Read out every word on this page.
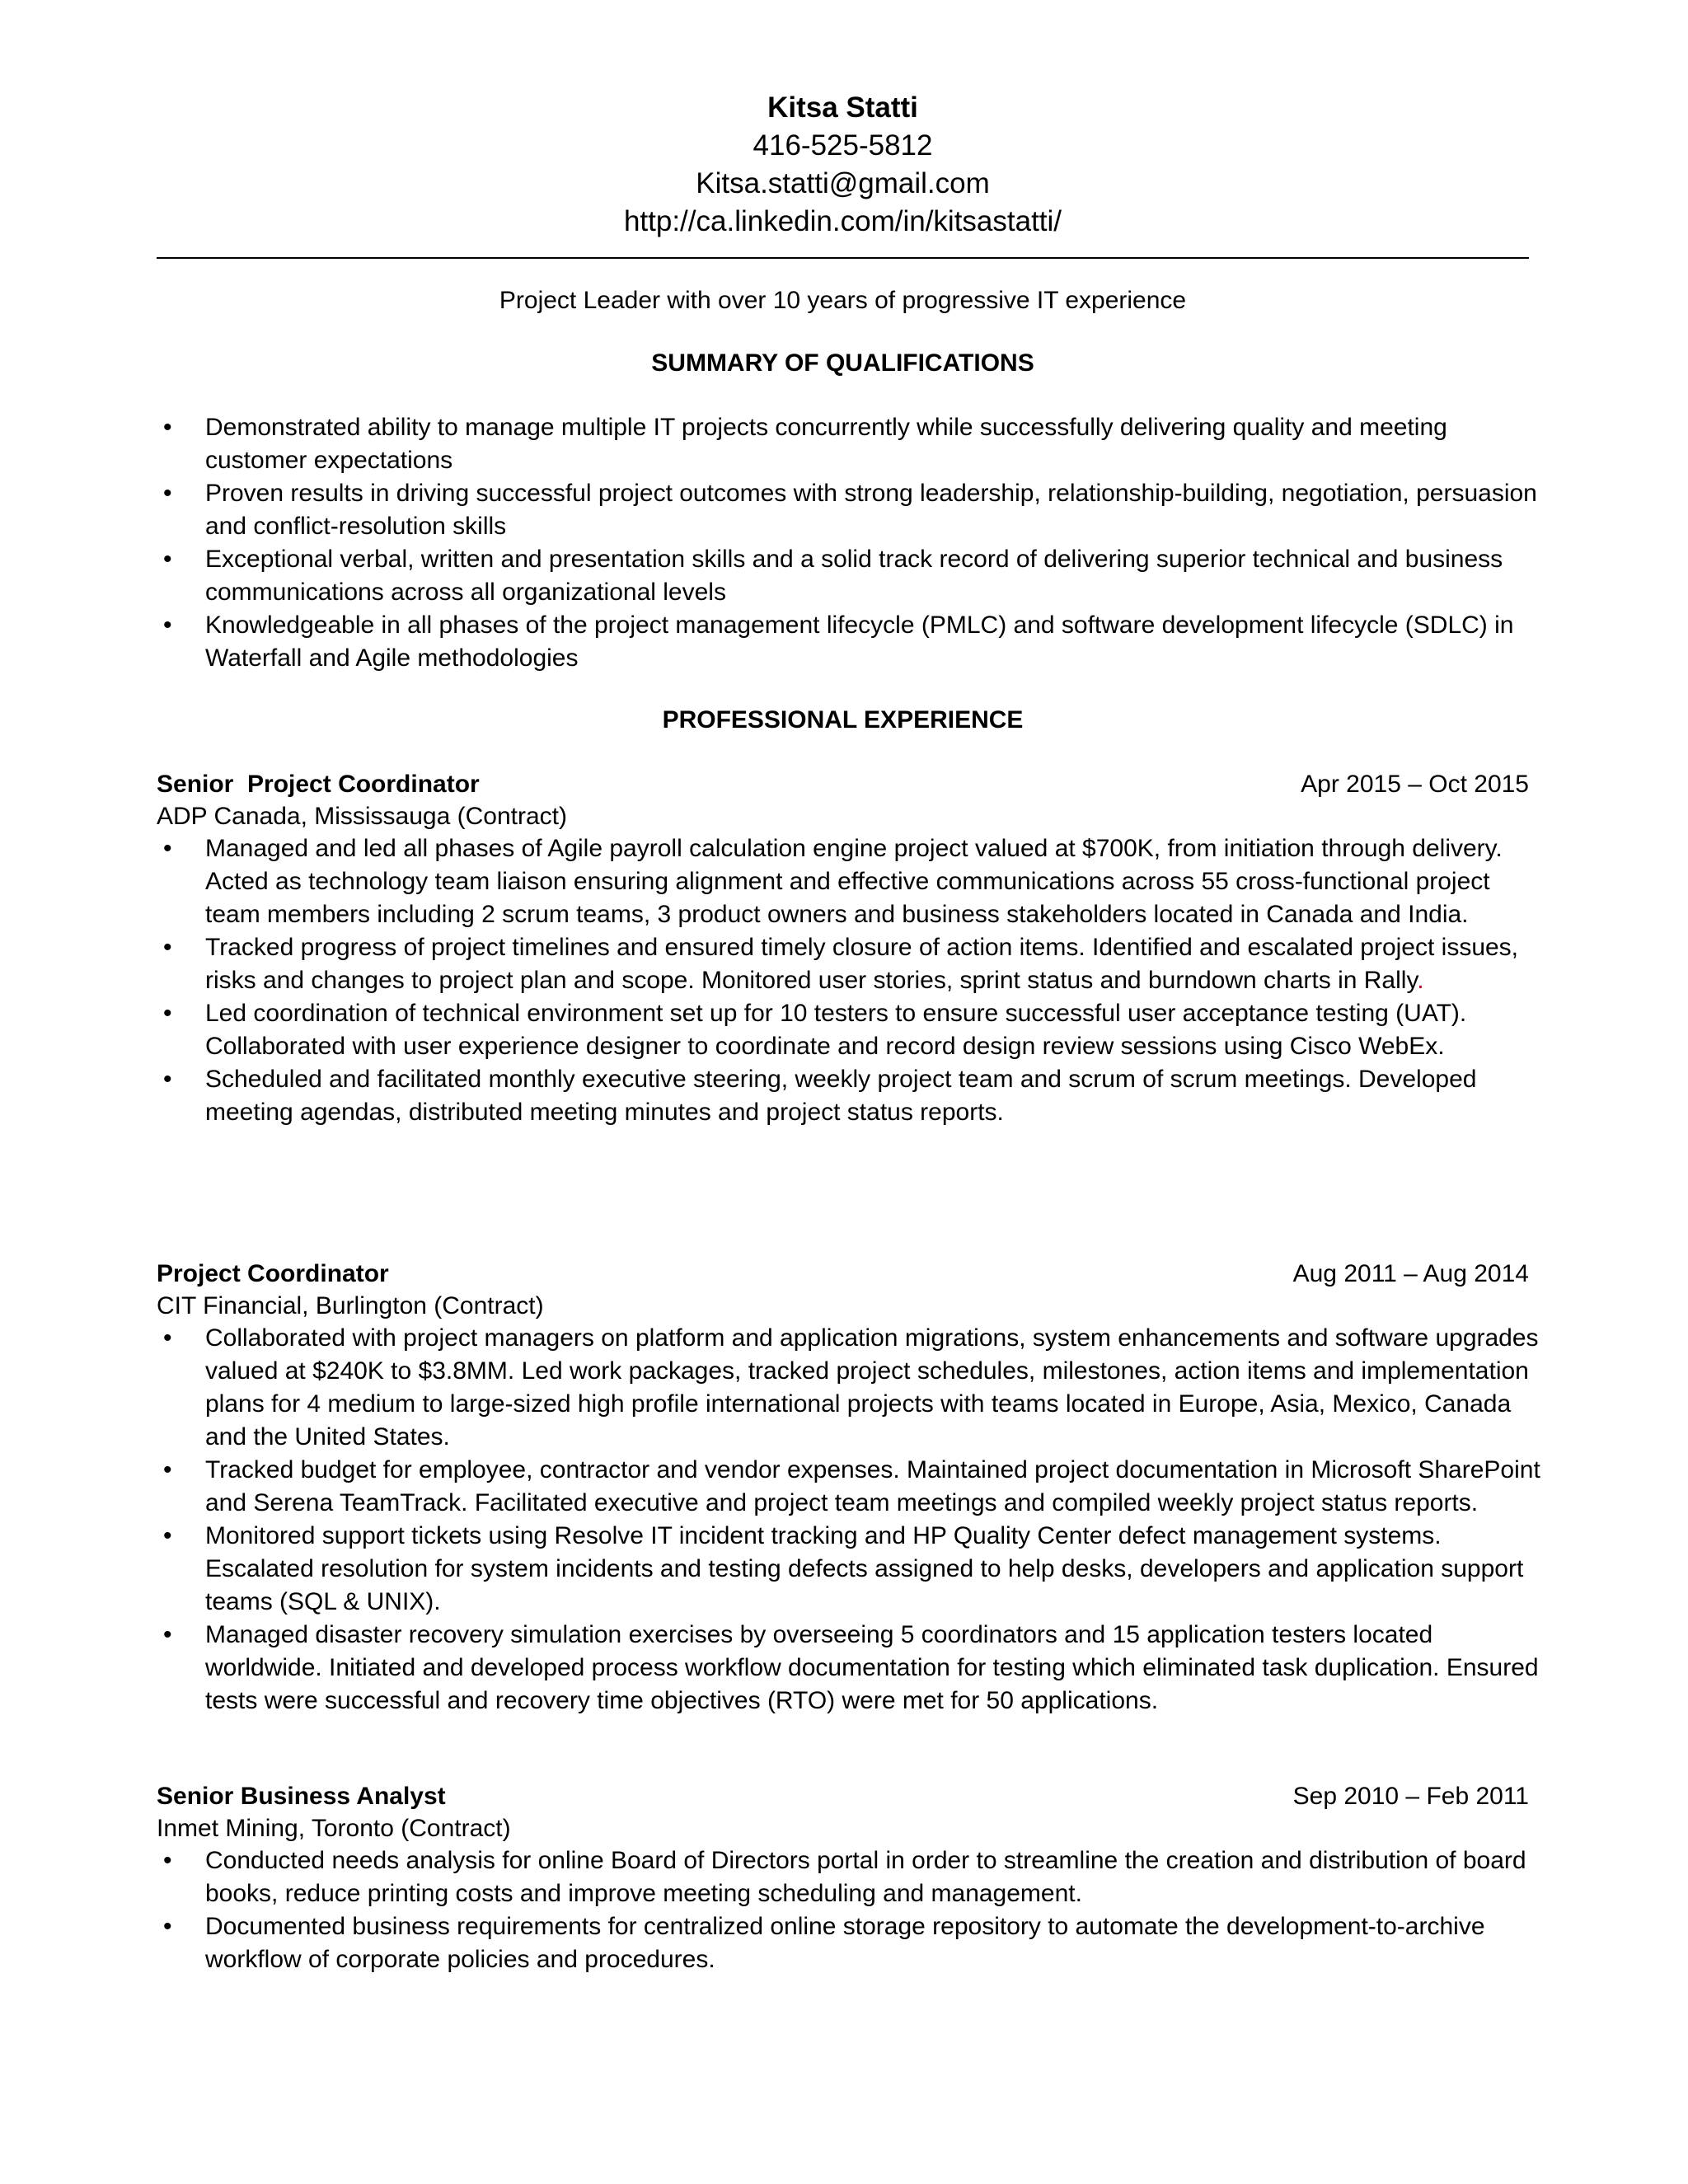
Kitsa Statti

416-525-5812

Kitsa.statti@gmail.com

http://ca.linkedin.com/in/kitsastatti/

Project Leader with over 10 years of progressive IT experience
SUMMARY OF QUALIFICATIONS
• Demonstrated ability to manage multiple IT projects concurrently while successfully delivering quality and meeting customer expectations
• Proven results in driving successful project outcomes with strong leadership, relationship-building, negotiation, persuasion and conflict-resolution skills
• Exceptional verbal, written and presentation skills and a solid track record of delivering superior technical and business communications across all organizational levels
• Knowledgeable in all phases of the project management lifecycle (PMLC) and software development lifecycle (SDLC) in Waterfall and Agile methodologies
PROFESSIONAL EXPERIENCE
Senior  Project Coordinator	Apr 2015 – Oct 2015
ADP Canada, Mississauga (Contract)
• Managed and led all phases of Agile payroll calculation engine project valued at $700K, from initiation through delivery. Acted as technology team liaison ensuring alignment and effective communications across 55 cross-functional project team members including 2 scrum teams, 3 product owners and business stakeholders located in Canada and India.
• Tracked progress of project timelines and ensured timely closure of action items. Identified and escalated project issues, risks and changes to project plan and scope. Monitored user stories, sprint status and burndown charts in Rally.
• Led coordination of technical environment set up for 10 testers to ensure successful user acceptance testing (UAT). Collaborated with user experience designer to coordinate and record design review sessions using Cisco WebEx.
• Scheduled and facilitated monthly executive steering, weekly project team and scrum of scrum meetings. Developed meeting agendas, distributed meeting minutes and project status reports.
Project Coordinator	Aug 2011 – Aug 2014
CIT Financial, Burlington (Contract)
• Collaborated with project managers on platform and application migrations, system enhancements and software upgrades valued at $240K to $3.8MM. Led work packages, tracked project schedules, milestones, action items and implementation plans for 4 medium to large-sized high profile international projects with teams located in Europe, Asia, Mexico, Canada and the United States.
• Tracked budget for employee, contractor and vendor expenses. Maintained project documentation in Microsoft SharePoint and Serena TeamTrack. Facilitated executive and project team meetings and compiled weekly project status reports.
• Monitored support tickets using Resolve IT incident tracking and HP Quality Center defect management systems. Escalated resolution for system incidents and testing defects assigned to help desks, developers and application support teams (SQL & UNIX).
• Managed disaster recovery simulation exercises by overseeing 5 coordinators and 15 application testers located worldwide. Initiated and developed process workflow documentation for testing which eliminated task duplication. Ensured tests were successful and recovery time objectives (RTO) were met for 50 applications.
Senior Business Analyst	Sep 2010 – Feb 2011
Inmet Mining, Toronto (Contract)
• Conducted needs analysis for online Board of Directors portal in order to streamline the creation and distribution of board books, reduce printing costs and improve meeting scheduling and management.
• Documented business requirements for centralized online storage repository to automate the development-to-archive workflow of corporate policies and procedures.
